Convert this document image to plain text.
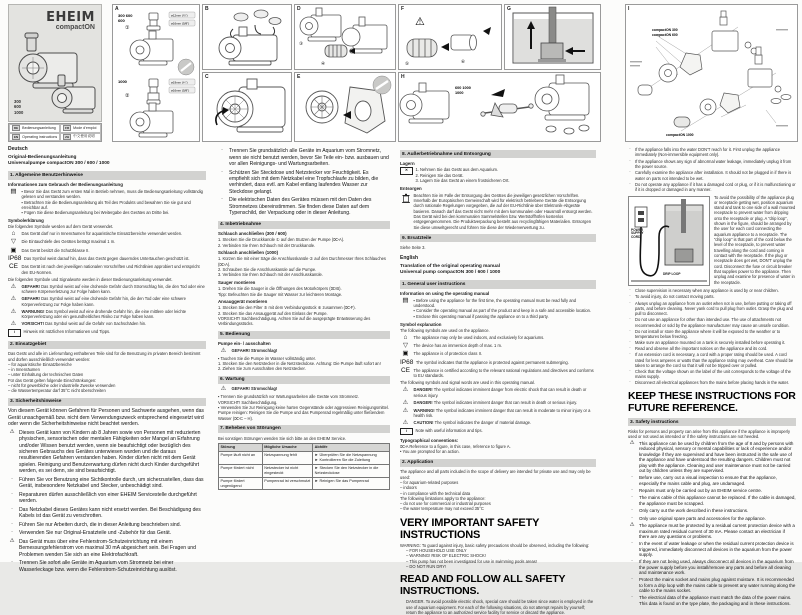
EHEIM
compactON
300
600
1000
DE	Bedienungsanleitung	FR	Mode d'emploi
EN	Operating instructions	ZH	中文使用说明
A
300 600
600
ø12mm (½")
ø16mm (5/8")
①
1000	ø19mm (¾")
ø16mm (5/8")
②
B
C
D
③
④
E
F
⚠
⑤	⑥
G
H
600 1000
1000
I
compactON 300
compactON 600
compactON 1000
Deutsch
Original-Bedienungsanleitung
Universalpumpe compactON 300 / 600 / 1000
1. Allgemeine Benutzerhinweise
Informationen zum Gebrauch der Bedienungsanleitung
▤	▪ Bevor Sie das Gerät zum ersten Mal in Betrieb nehmen, muss die Bedienungsanleitung vollständig gelesen und verstanden werden.
▪ Betrachten Sie die Bedienungsanleitung als Teil des Produkts und bewahren Sie sie gut und erreichbar auf.
▪ Fügen Sie diese Bedienungsanleitung bei Weitergabe des Gerätes an Dritte bei.
Symbolerklärung
Die folgenden Symbole werden auf dem Gerät verwendet.
⌂	Das Gerät darf nur in Innenräumen für aquaristische Einsatzbereiche verwendet werden.
▽	Die Eintauchtiefe des Gerätes beträgt maximal 1 m.
▣	Das Gerät besitzt die Schutzklasse II.
IP68 Das Symbol weist darauf hin, dass das Gerät gegen dauerndes Untertauchen geschützt ist.
CE Das Gerät ist nach den jeweiligen nationalen Vorschriften und Richtlinien approbiert und entspricht den EU-Normen.
Die folgenden Symbole und Signalworte werden in dieser Bedienungsanleitung verwendet.
⚠	GEFAHR! Das Symbol weist auf eine drohende Gefahr durch Stromschlag hin, die den Tod oder eine schwere Körperverletzung zur Folge haben kann.
⚠	GEFAHR! Das Symbol weist auf eine drohende Gefahr hin, die den Tod oder eine schwere Körperverletzung zur Folge haben kann.
⚠	WARNUNG! Das Symbol weist auf eine drohende Gefahr hin, die eine mittlere oder leichte Körperverletzung oder ein gesundheitliches Risiko zur Folge haben kann.
⚠	VORSICHT! Das Symbol weist auf die Gefahr von Sachschäden hin.
i	Hinweis mit nützlichen Informationen und Tipps.
2. Einsatzgebiet
Das Gerät und alle im Lieferumfang enthaltenen Teile sind für die Benutzung im privaten Bereich bestimmt und dürfen ausschließlich verwendet werden:
– für aquaristische Einsatzbereiche
– in Innenräumen
– unter Einhaltung der technischen Daten
Für das Gerät gelten folgende Einschränkungen:
– nicht für gewerbliche oder industrielle Zwecke verwenden
– die Wassertemperatur darf 35°C nicht überschreiten
3. Sicherheitshinweise
Von diesem Gerät können Gefahren für Personen und Sachwerte ausgehen, wenn das Gerät unsachgemäß bzw. nicht dem Verwendungszweck entsprechend eingesetzt wird oder wenn die Sicherheitshinweise nicht beachtet werden.
⚠ Dieses Gerät kann von Kindern ab 8 Jahren sowie von Personen mit reduzierten physischen, sensorischen oder mentalen Fähigkeiten oder Mangel an Erfahrung und/oder Wissen benutzt werden, wenn sie beaufsichtigt oder bezüglich des sicheren Gebrauchs des Gerätes unterwiesen wurden und die daraus resultierenden Gefahren verstanden haben. Kinder dürfen nicht mit dem Gerät spielen. Reinigung und Benutzerwartung dürfen nicht durch Kinder durchgeführt werden, es sei denn, sie sind beaufsichtigt.
·	Führen Sie vor Benutzung eine Sichtkontrolle durch, um sicherzustellen, dass das Gerät, insbesondere Netzkabel und Stecker, unbeschädigt sind.
·	Reparaturen dürfen ausschließlich von einer EHEIM Servicestelle durchgeführt werden.
·	Das Netzkabel dieses Gerätes kann nicht ersetzt werden. Bei Beschädigung des Kabels ist das Gerät zu verschrotten.
·	Führen Sie nur Arbeiten durch, die in dieser Anleitung beschrieben sind.
·	Verwenden Sie nur Original-Ersatzteile und -Zubehör für das Gerät.
⚠ Das Gerät muss über eine Fehlerstrom-Schutzeinrichtung mit einem Bemessungsfehlerstrom von maximal 30 mA abgesichert sein. Bei Fragen und Problemen wenden Sie sich an eine Elektrofachkraft.
·	Trennen Sie sofort alle Geräte im Aquarium vom Stromnetz bei einer Wasserleckage bzw. wenn die Fehlerstrom-Schutzeinrichtung auslöst.
·	Trennen Sie grundsätzlich alle Geräte im Aquarium vom Stromnetz, wenn sie nicht benutzt werden, bevor Sie Teile ein- bzw. ausbauen und vor allen Reinigungs- und Wartungsarbeiten.
·	Schützen Sie Steckdose und Netzstecker vor Feuchtigkeit. Es empfiehlt sich mit dem Netzkabel eine Tropfschlaufe zu bilden, die verhindert, dass evtl. am Kabel entlang laufendes Wasser zur Steckdose gelangt.
·	Die elektrischen Daten des Gerätes müssen mit den Daten des Stromnetzes übereinstimmen. Sie finden diese Daten auf dem Typenschild, der Verpackung oder in dieser Anleitung.
4. Inbetriebnahme
Schlauch anschließen (300 / 600)
1. Stecken Sie die Druckkanüle ① auf den Stutzen der Pumpe (⌦A).
2. Verbinden Sie Ihren Schlauch mit der Druckkanüle.
Schlauch anschließen (1000)
1. Kürzen Sie mit einer Säge die Anschlusskanüle ② auf den Durchmesser Ihres Schlauches (⌦A).
2. Schrauben Sie die Anschlusskanüle auf die Pumpe.
3. Verbinden Sie Ihren Schlauch mit der Anschlusskanüle.
Sauger montieren
1. Drehen Sie die Sauger in die Öffnungen des Motorkörpers (⌦B).
Tipp: Befeuchten Sie die Sauger mit Wasser zur leichteren Montage.
Ansauggerät montieren
1. Stecken Sie den Filter ⑤ mit dem Verbindungsstück ⑥ zusammen (⌦F).
2. Stecken Sie das Ansauggerät auf den Einlass der Pumpe.
VORSICHT! Sachbeschädigung. Achten Sie auf die ausgeprägte Entwässerung des Verbindungsstücks.
5. Bedienung
Pumpe ein- / ausschalten
⚠	GEFAHR! Stromschlag!
▪ Tauchen Sie die Pumpe im Wasser vollständig unter.
1. Stecken Sie den Netzstecker in die Netzsteckdose. Achtung: Die Pumpe läuft sofort an!
2. Ziehen Sie zum Ausschalten den Netzstecker.
6. Wartung
⚠	GEFAHR! Stromschlag!
▪ Trennen Sie grundsätzlich vor Wartungsarbeiten alle Geräte vom Stromnetz.
VORSICHT! Sachbeschädigung.
▪ Verwenden Sie zur Reinigung keine harten Gegenstände oder aggressiven Reinigungsmittel.
Pumpe reinigen: Reinigen Sie die Pumpe und das Pumpenrad regelmäßig unter fließendem Wasser (⌦C – H).
7. Beheben von Störungen
Bei sonstigen Störungen wenden Sie sich bitte an den EHEIM Service.
Störung	Mögliche Ursache	Abhilfe
Pumpe läuft nicht an	Netzspannung fehlt	► Überprüfen Sie die Netzspannung
► Kontrollieren Sie die Zuleitung
Pumpe fördert nicht	Netzstecker ist nicht eingesteckt	► Stecken Sie den Netzstecker in die Netzsteckdose
Pumpe fördert ungenügend	Pumpenrad ist verschmutzt	► Reinigen Sie das Pumpenrad
8. Außerbetriebnahme und Entsorgung
Lagern
✕	1. Nehmen Sie das Gerät aus dem Aquarium.
2. Reinigen Sie das Gerät.
3. Lagern Sie das Gerät an einem frostsicheren Ort.
Entsorgen
Beachten Sie im Falle der Entsorgung des Gerätes die jeweiligen gesetzlichen Vorschriften. Innerhalb der Europäischen Gemeinschaft wird für elektrisch betriebene Geräte die Entsorgung durch nationale Regelungen vorgegeben, die auf der EU-Richtlinie über Elektronik-Altgeräte basieren. Danach darf das Gerät nicht mehr mit dem kommunalen oder Hausmüll entsorgt werden. Das Gerät wird bei den kommunalen Sammelstellen bzw. Wertstoffhöfen kostenlos entgegengenommen. Die Produktverpackung besteht aus recyclingfähigen Materialien. Entsorgen Sie diese umweltgerecht und führen Sie diese der Wiederverwertung zu.
9. Ersatzteile
Siehe Seite 3.
English
Translation of the original operating manual
Universal pump compactON 300 / 600 / 1000
1. General user instructions
Information on using the operating manual
▤	▪ Before using the appliance for the first time, the operating manual must be read fully and understood.
▪ Consider the operating manual as part of the product and keep in a safe and accessible location.
▪ Enclose this operating manual if passing the appliance on to a third party.
Symbol explanation
The following symbols are used on the appliance.
⌂	The appliance may only be used indoors, and exclusively for aquariums.
▽	The device has an immersion depth of max. 1 m.
▣	The appliance is of protection class II.
IP68 The symbol indicates that the appliance is protected against permanent submerging.
CE The appliance is certified according to the relevant national regulations and directives and conforms to EU standards.
The following symbols and signal words are used in this operating manual.
⚠	DANGER! The symbol indicates imminent danger from electric shock that can result in death or serious injury.
⚠	DANGER! The symbol indicates imminent danger that can result in death or serious injury.
⚠	WARNING! The symbol indicates imminent danger that can result in moderate to minor injury or a health risk.
⚠	CAUTION! The symbol indicates the danger of material damage.
i	Note with useful information and tips.
Typographical conventions:
⌦A Reference to a figure, in this case, reference to figure A.
• You are prompted for an action.
2. Application
The appliance and all parts included in the scope of delivery are intended for private use and may only be used:
– for aquarium-related purposes
– indoors
– in compliance with the technical data
The following limitations apply to the appliance:
– do not use for commercial or industrial purposes
– the water temperature may not exceed 35°C
VERY IMPORTANT SAFETY INSTRUCTIONS
WARNING: To guard against injury, basic safety precautions should be observed, including the following:
– FOR HOUSEHOLD USE ONLY
– WARNING! RISK OF ELECTRIC SHOCK!
– This pump has not been investigated for use in swimming pools areas!
– DO NOT RUN DRY!
READ AND FOLLOW ALL SAFETY INSTRUCTIONS.
DANGER. To avoid possible electric shock, special care should be taken since water is employed in the use of aquarium equipment. For each of the following situations, do not attempt repairs by yourself; return the appliance to an authorized service facility for service or discard the appliance.
·	If the appliance falls into the water DON'T reach for it. First unplug the appliance immediately (Non-immersible equipment only).
·	If the appliance shows any sign of abnormal water leakage, immediately unplug it from the power source.
·	Carefully examine the appliance after installation. It should not be plugged in if there is water on parts not intended to be wet.
·	Do not operate any appliance if it has a damaged cord or plug, or if it is malfunctioning or if it is dropped or damaged in any manner.
POWER SUPPLY CORD
DRIP LOOP
To avoid the possibility of the appliance plug or receptacle getting wet, position aquarium stand and tank to one side of a wall mounted receptacle to prevent water from dripping onto the receptacle or plug. A “drip loop”, shown in the figure, should be arranged by the user for each cord connecting the aquarium appliance to a receptacle. The “drip loop” is that part of the cord below the level of the receptacle, to prevent water travelling along the cord and coming in contact with the receptacle. If the plug or receptacle does get wet, DON'T unplug the cord. Disconnect the fuse or circuit breaker that supplies power to the appliance. Then unplug and examine for presence of water in the receptacle.
·	Close supervision is necessary when any appliance is used by or near children.
·	To avoid injury, do not contact moving parts.
·	Always unplug an appliance from an outlet when not in use, before putting or taking off parts, and before cleaning. Never yank cord to pull plug from outlet. Grasp the plug and pull to disconnect.
·	Do not use an appliance for other than intended use. The use of attachments not recommended or sold by the appliance manufacturer may cause an unsafe condition.
·	Do not install or store the appliance where it will be exposed to the weather or to temperatures below freezing.
·	Make sure an appliance mounted on a tank is securely installed before operating it.
·	Read and observe all the important notices on the appliance and its cord.
·	If an extension cord is necessary, a cord with a proper rating should be used. A cord rated for less amperes or watts than the appliance rating may overheat. Care should be taken to arrange the cord so that it will not be tripped over or pulled.
·	Check that the voltage shown on the label of the unit corresponds to the voltage of the mains supply.
·	Disconnect all electrical appliances from the mains before placing hands in the water.
KEEP THESE INSTRUCTIONS FOR FUTURE REFERENCE.
3. Safety instructions
Risks for persons and property can arise from this appliance if the appliance is improperly used or not used as intended or if the safety instructions are not heeded.
⚠	This appliance can be used by children from the age of 8 and by persons with reduced physical, sensory or mental capabilities or lack of experience and/or knowledge if they are supervised and have been instructed in the safe use of the appliance and have understood the resulting dangers. Children must not play with the appliance. Cleaning and user maintenance must not be carried out by children unless they are supervised.
·	Before use, carry out a visual inspection to ensure that the appliance, especially the mains cable and plug, are undamaged.
·	Repairs must only be carried out by an EHEIM service centre.
·	The mains cable of this appliance cannot be replaced. If the cable is damaged, the appliance must be scrapped.
·	Only carry out the work described in these instructions.
·	Only use original spare parts and accessories for the appliance.
⚠	The appliance must be protected by a residual current protection device with a maximum rated residual current of 30 mA. Please contact an electrician if there are any questions or problems.
·	In the event of water leakage or when the residual current protection device is triggered, immediately disconnect all devices in the aquarium from the power supply.
·	If they are not being used, always disconnect all devices in the aquarium from the power supply before you install/remove any parts and before all cleaning and maintenance work.
·	Protect the mains socket and mains plug against moisture. It is recommended to form a drip loop with the mains cable to prevent any water running along the cable to the mains socket.
·	The electrical data of the appliance must match the data of the power mains. This data is found on the type plate, the packaging and in these instructions.
